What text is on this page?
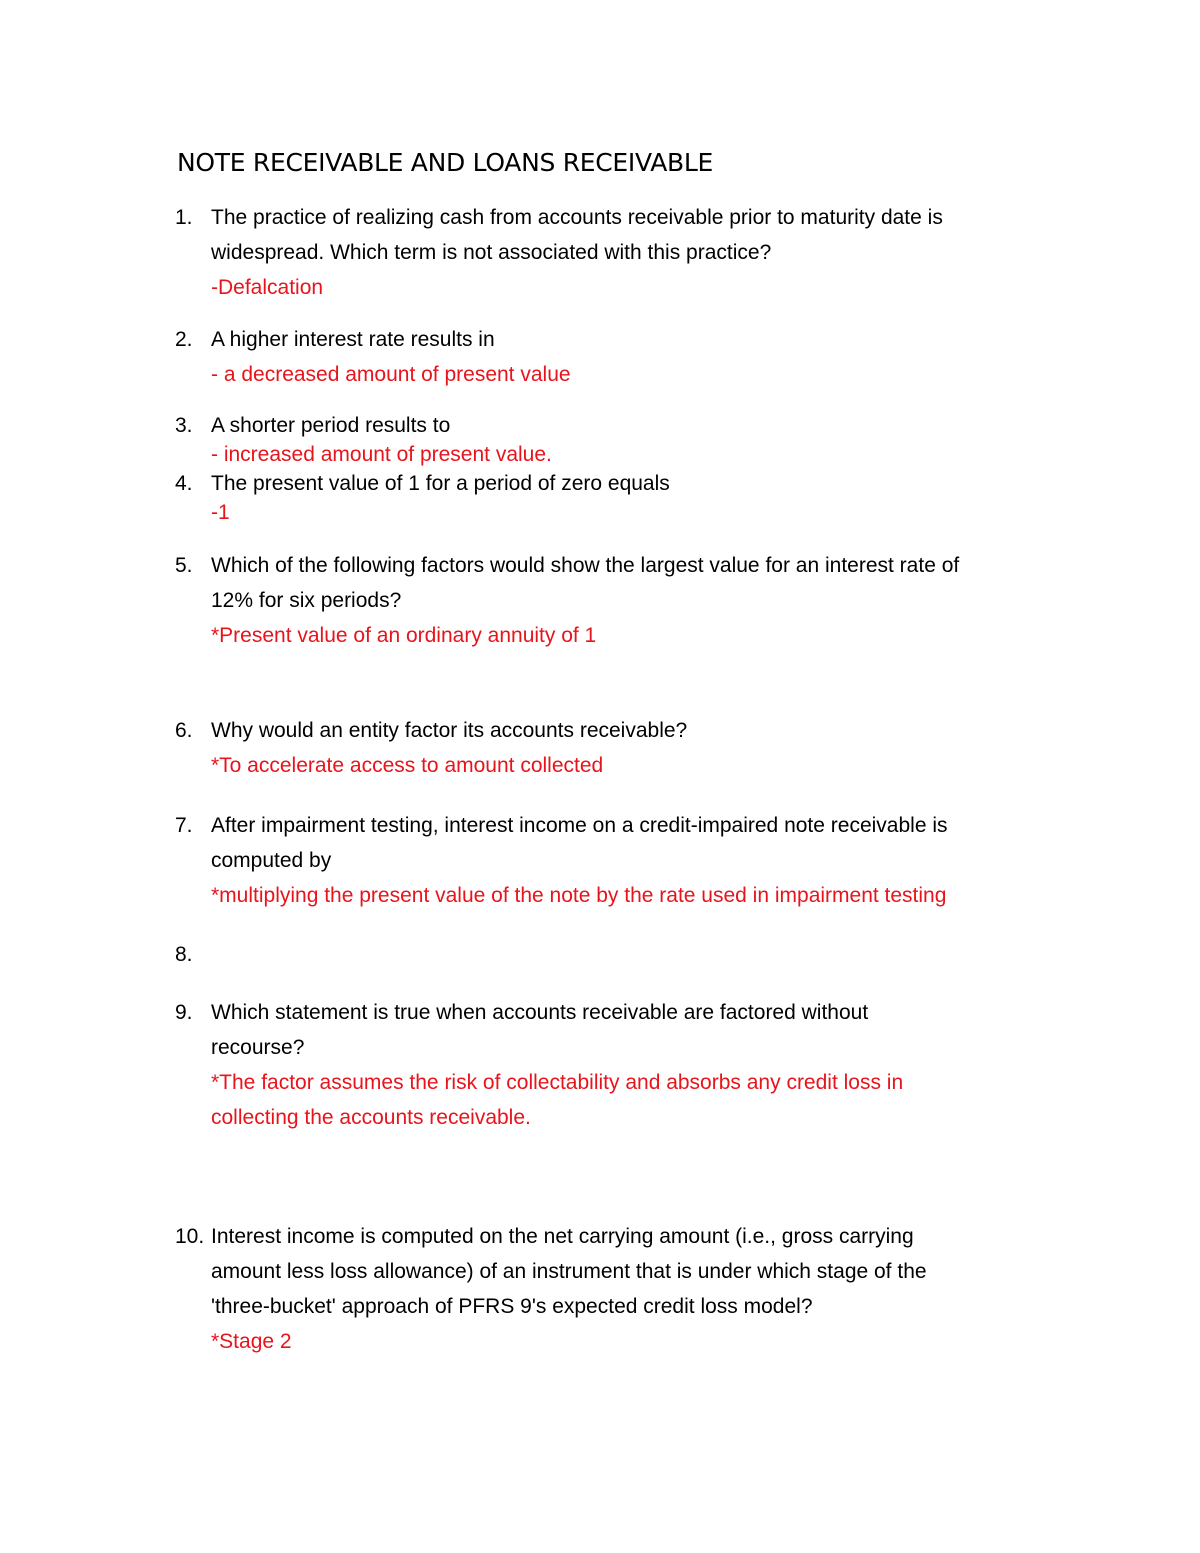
NOTE RECEIVABLE AND LOANS RECEIVABLE
1. The practice of realizing cash from accounts receivable prior to maturity date is
widespread. Which term is not associated with this practice?
-Defalcation
2. A higher interest rate results in
- a decreased amount of present value
3. A shorter period results to
- increased amount of present value.
4. The present value of 1 for a period of zero equals
-1
5. Which of the following factors would show the largest value for an interest rate of
12% for six periods?
*Present value of an ordinary annuity of 1
6. Why would an entity factor its accounts receivable?
*To accelerate access to amount collected
7. After impairment testing, interest income on a credit-impaired note receivable is
computed by
*multiplying the present value of the note by the rate used in impairment testing
8.
9. Which statement is true when accounts receivable are factored without
recourse?
*The factor assumes the risk of collectability and absorbs any credit loss in
collecting the accounts receivable.
10. Interest income is computed on the net carrying amount (i.e., gross carrying
amount less loss allowance) of an instrument that is under which stage of the
'three-bucket' approach of PFRS 9's expected credit loss model?
*Stage 2
